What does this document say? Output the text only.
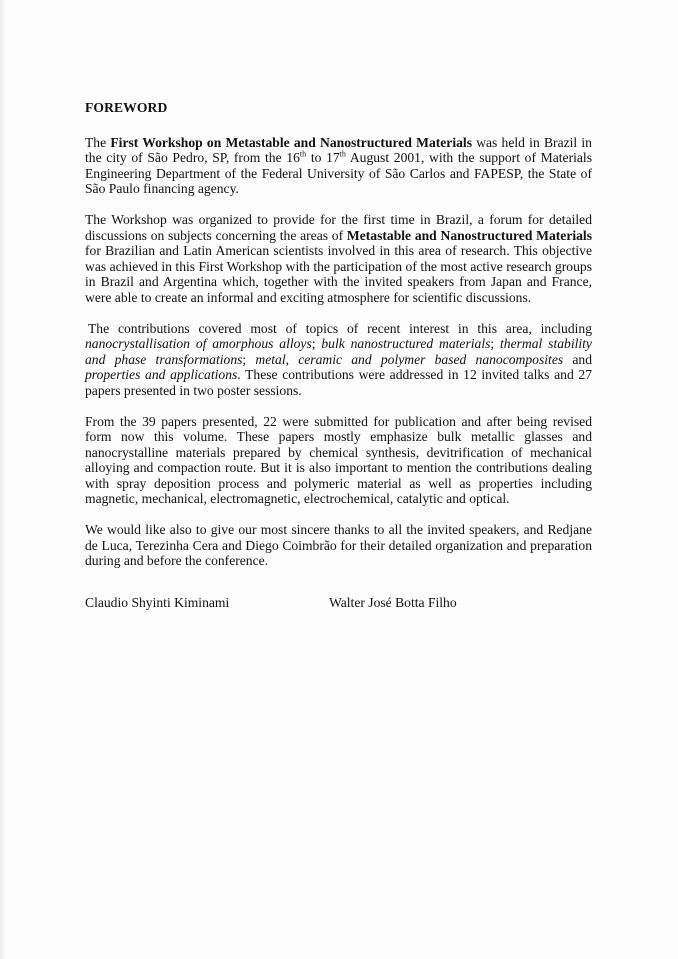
FOREWORD

The First Workshop on Metastable and Nanostructured Materials was held in Brazil in the city of São Pedro, SP, from the 16th to 17th August 2001, with the support of Materials Engineering Department of the Federal University of São Carlos and FAPESP, the State of São Paulo financing agency.

The Workshop was organized to provide for the first time in Brazil, a forum for detailed discussions on subjects concerning the areas of Metastable and Nanostructured Materials for Brazilian and Latin American scientists involved in this area of research. This objective was achieved in this First Workshop with the participation of the most active research groups in Brazil and Argentina which, together with the invited speakers from Japan and France, were able to create an informal and exciting atmosphere for scientific discussions.

The contributions covered most of topics of recent interest in this area, including nanocrystallisation of amorphous alloys; bulk nanostructured materials; thermal stability and phase transformations; metal, ceramic and polymer based nanocomposites and properties and applications. These contributions were addressed in 12 invited talks and 27 papers presented in two poster sessions.

From the 39 papers presented, 22 were submitted for publication and after being revised form now this volume. These papers mostly emphasize bulk metallic glasses and nanocrystalline materials prepared by chemical synthesis, devitrification of mechanical alloying and compaction route. But it is also important to mention the contributions dealing with spray deposition process and polymeric material as well as properties including magnetic, mechanical, electromagnetic, electrochemical, catalytic and optical.

We would like also to give our most sincere thanks to all the invited speakers, and Redjane de Luca, Terezinha Cera and Diego Coimbrão for their detailed organization and preparation during and before the conference.

Claudio Shyinti Kiminami	Walter José Botta Filho
